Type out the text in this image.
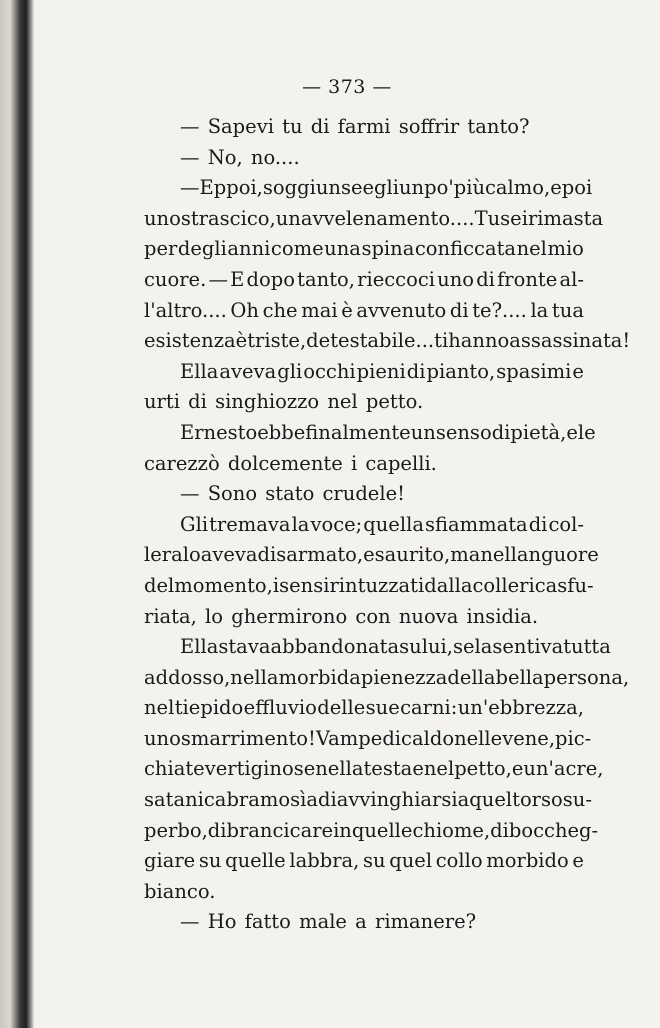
— 373 —
— Sapevi tu di farmi soffrir tanto?
— No, no....
— Eppoi, soggiunse egli un po' più calmo, e poi
uno strascico, un avvelenamento.... Tu sei rimasta
per degli anni come una spina conficcata nel mio
cuore. — E dopo tanto, rieccoci uno di fronte al-
l'altro.... Oh che mai è avvenuto di te?.... la tua
esistenza è triste, detestabile... ti hanno assassinata!
Ella aveva gli occhi pieni di pianto, spasimi e
urti di singhiozzo nel petto.
Ernesto ebbe finalmente un senso di pietà, e le
carezzò dolcemente i capelli.
— Sono stato crudele!
Gli tremava la voce; quella sfiammata di col-
lera lo aveva disarmato, esaurito, ma nel languore
del momento, i sensi rintuzzati dalla collerica sfu-
riata, lo ghermirono con nuova insidia.
Ella stava abbandonata su lui, se la sentiva tutta
addosso, nella morbida pienezza della bella persona,
nel tiepido effluvio delle sue carni: un'ebbrezza,
uno smarrimento! Vampe di caldo nelle vene, pic-
chiate vertiginose nella testa e nel petto, e un'acre,
satanica bramosìa di avvinghiarsi a quel torso su-
perbo, di brancicare in quelle chiome, di boccheg-
giare su quelle labbra, su quel collo morbido e
bianco.
— Ho fatto male a rimanere?
